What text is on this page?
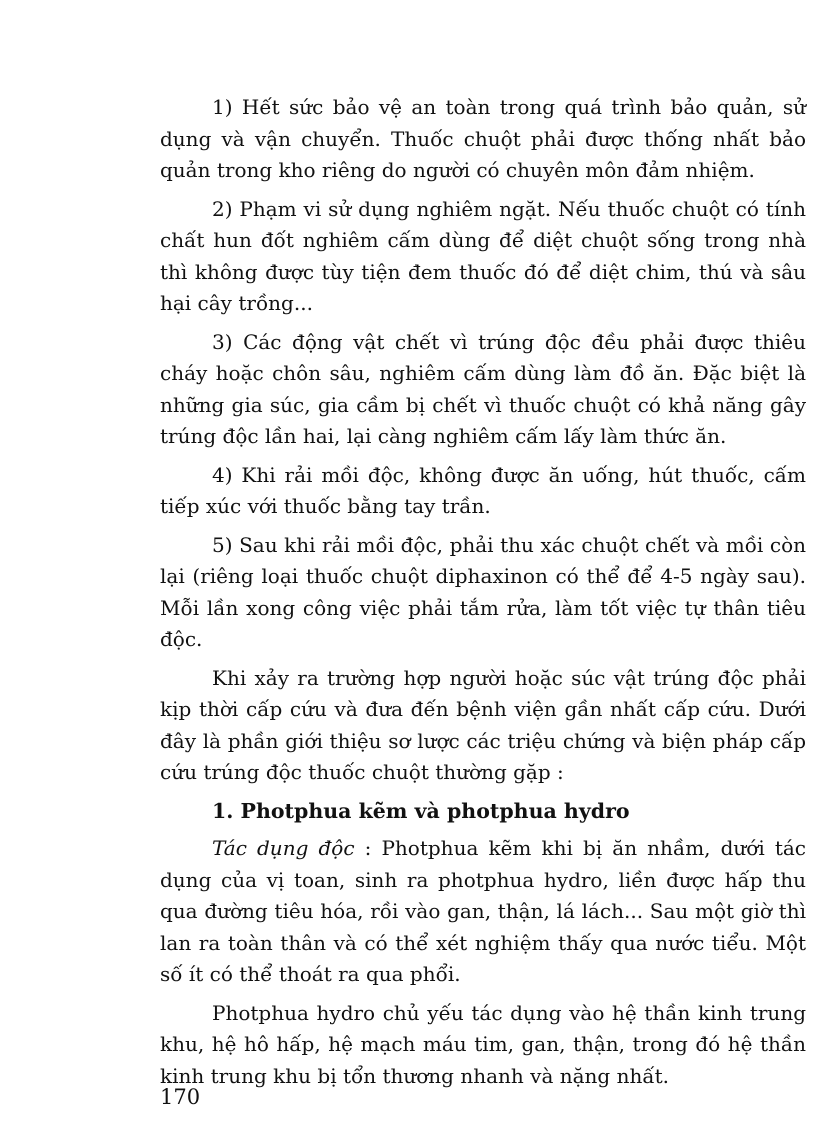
1) Hết sức bảo vệ an toàn trong quá trình bảo quản, sử dụng và vận chuyển. Thuốc chuột phải được thống nhất bảo quản trong kho riêng do người có chuyên môn đảm nhiệm.

2) Phạm vi sử dụng nghiêm ngặt. Nếu thuốc chuột có tính chất hun đốt nghiêm cấm dùng để diệt chuột sống trong nhà thì không được tùy tiện đem thuốc đó để diệt chim, thú và sâu hại cây trồng...

3) Các động vật chết vì trúng độc đều phải được thiêu cháy hoặc chôn sâu, nghiêm cấm dùng làm đồ ăn. Đặc biệt là những gia súc, gia cầm bị chết vì thuốc chuột có khả năng gây trúng độc lần hai, lại càng nghiêm cấm lấy làm thức ăn.

4) Khi rải mồi độc, không được ăn uống, hút thuốc, cấm tiếp xúc với thuốc bằng tay trần.

5) Sau khi rải mồi độc, phải thu xác chuột chết và mồi còn lại (riêng loại thuốc chuột diphaxinon có thể để 4-5 ngày sau). Mỗi lần xong công việc phải tắm rửa, làm tốt việc tự thân tiêu độc.

Khi xảy ra trường hợp người hoặc súc vật trúng độc phải kịp thời cấp cứu và đưa đến bệnh viện gần nhất cấp cứu. Dưới đây là phần giới thiệu sơ lược các triệu chứng và biện pháp cấp cứu trúng độc thuốc chuột thường gặp :

1. Photphua kẽm và photphua hydro

Tác dụng độc : Photphua kẽm khi bị ăn nhầm, dưới tác dụng của vị toan, sinh ra photphua hydro, liền được hấp thu qua đường tiêu hóa, rồi vào gan, thận, lá lách... Sau một giờ thì lan ra toàn thân và có thể xét nghiệm thấy qua nước tiểu. Một số ít có thể thoát ra qua phổi.

Photphua hydro chủ yếu tác dụng vào hệ thần kinh trung khu, hệ hô hấp, hệ mạch máu tim, gan, thận, trong đó hệ thần kinh trung khu bị tổn thương nhanh và nặng nhất.

170
